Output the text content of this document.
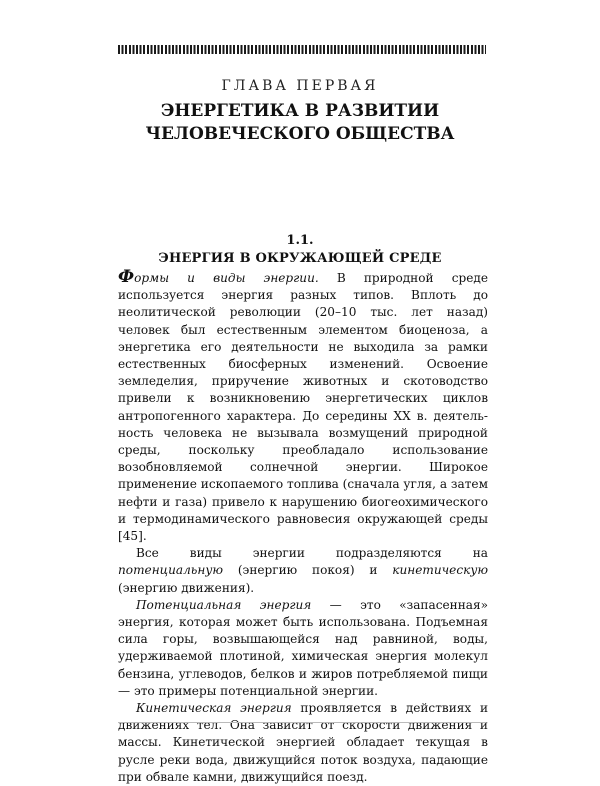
ГЛАВА ПЕРВАЯ
ЭНЕРГЕТИКА В РАЗВИТИИ
ЧЕЛОВЕЧЕСКОГО ОБЩЕСТВА
1.1.
ЭНЕРГИЯ В ОКРУЖАЮЩЕЙ СРЕДЕ

Формы и виды энергии. В природной среде используется энергия разных типов. Вплоть до неолитической революции (20–10 тыс. лет назад) человек был естественным элементом биоценоза, а энергетика его деятельности не выходила за рамки естественных биосферных изменений. Освоение земледелия, приручение животных и скотоводство привели к возникновению энергетических циклов антропогенного характера. До середины XX в. деятельность человека не вызывала возмущений природной среды, поскольку преобладало использование возобновляемой солнечной энергии. Широкое применение ископаемого топлива (сначала угля, а затем нефти и газа) привело к нарушению биогеохимического и термодинамического равновесия окружающей среды [45].

Все виды энергии подразделяются на потенциальную (энергию покоя) и кинетическую (энергию движения).

Потенциальная энергия — это «запасенная» энергия, которая может быть использована. Подъемная сила горы, возвышающейся над равниной, воды, удерживаемой плотиной, химическая энергия молекул бензина, углеводов, белков и жиров потребляемой пищи — это примеры потенциальной энергии.

Кинетическая энергия проявляется в действиях и движениях тел. Она зависит от скорости движения и массы. Кинетической энергией обладает текущая в русле реки вода, движущийся поток воздуха, падающие при обвале камни, движущийся поезд.
